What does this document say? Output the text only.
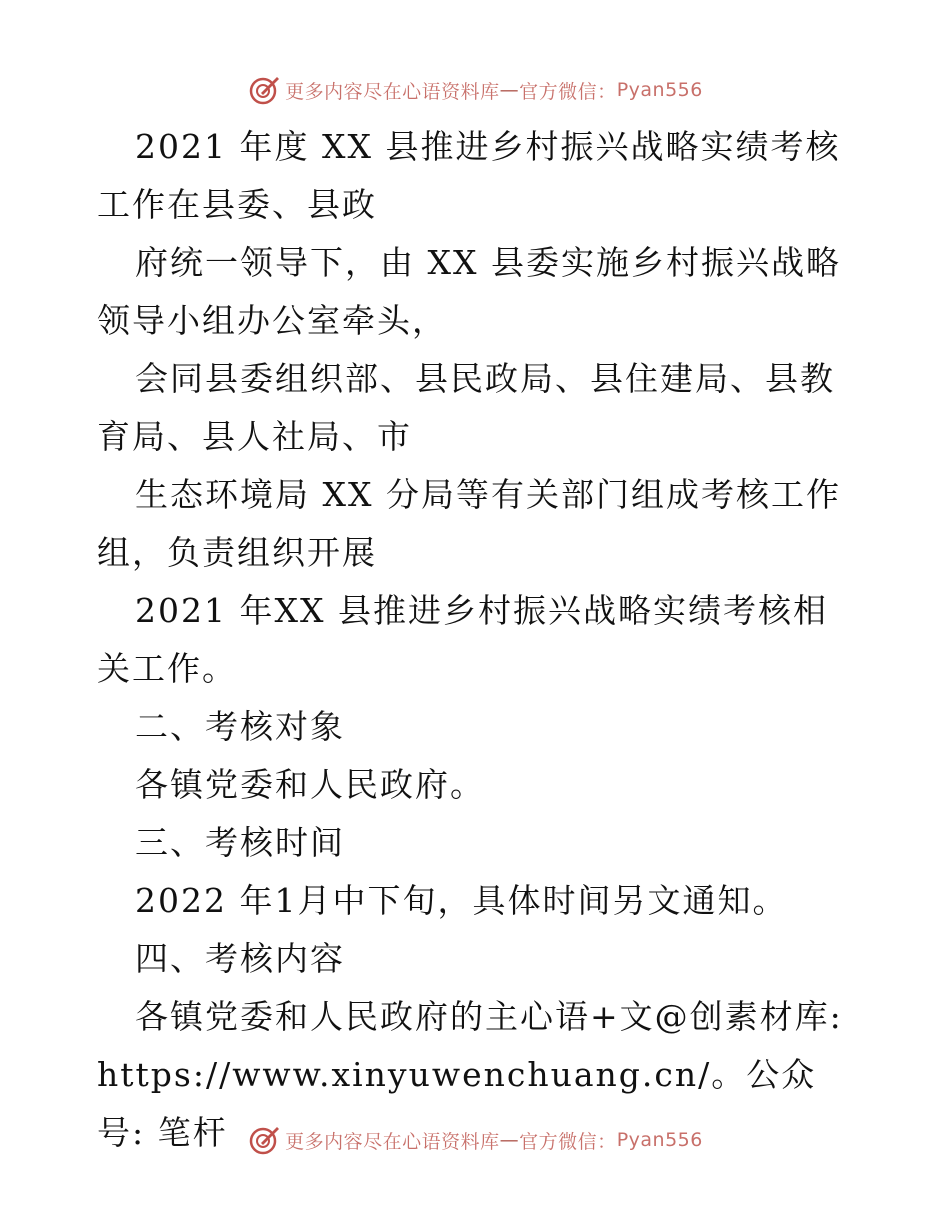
更多内容尽在心语资料库 — 官方微信： Pyan556

2021 年度 XX 县推进乡村振兴战略实绩考核工作在县委、县政

府统一领导下，由 XX 县委实施乡村振兴战略领导小组办公室牵头，

会同县委组织部、县民政局、县住建局、县教育局、县人社局、市

生态环境局 XX 分局等有关部门组成考核工作组，负责组织开展

2021 年XX 县推进乡村振兴战略实绩考核相关工作。

二、考核对象

各镇党委和人民政府。

三、考核时间

2022 年1月中下旬，具体时间另文通知。

四、考核内容

各镇党委和人民政府的主心语+文@创素材库:

https://www.xinyuwenchuang.cn/。公众号: 笔杆	更多内容尽在心语资料库 — 官方微信： Pyan556
